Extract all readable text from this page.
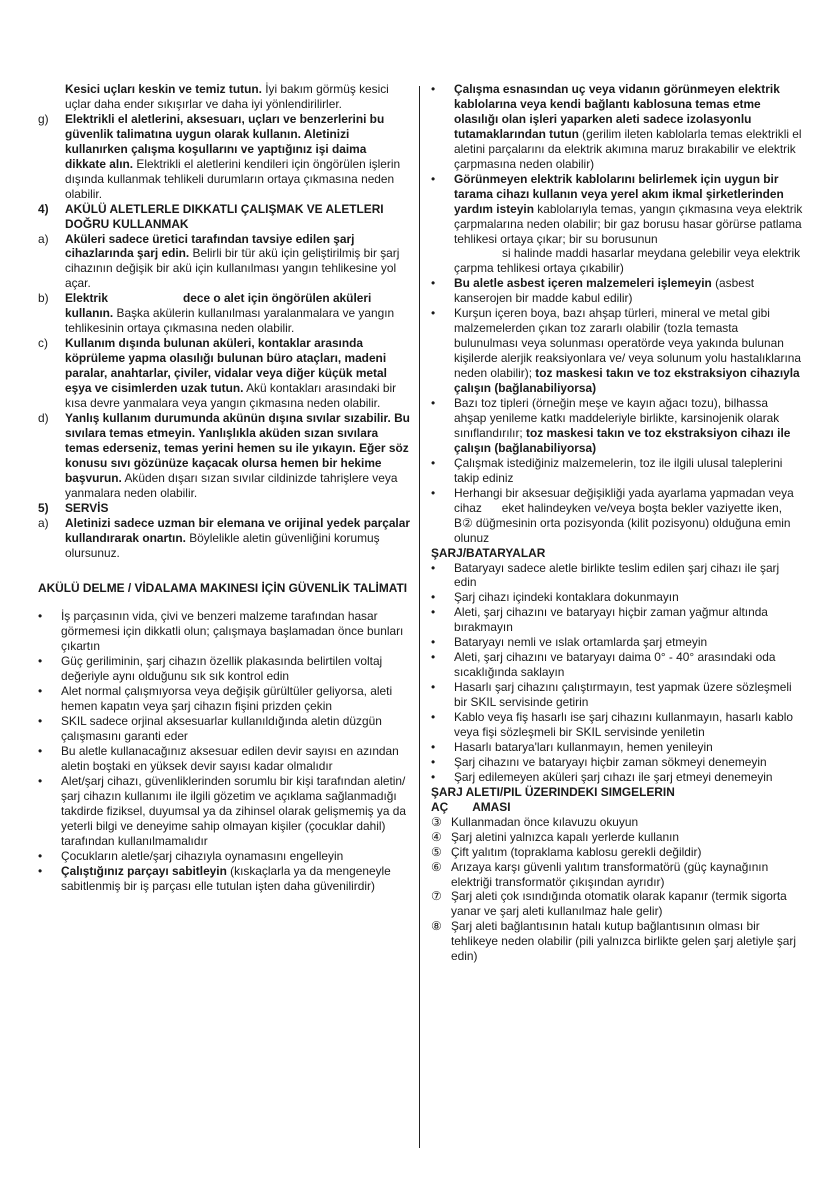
Kesici uçları keskin ve temiz tutun. İyi bakım görmüş kesici uçlar daha ender sıkışırlar ve daha iyi yönlendirilirler.

g)	Elektrikli el aletlerini, aksesuarı, uçları ve benzerlerini bu güvenlik talimatına uygun olarak kullanın. Aletinizi kullanırken çalışma koşullarını ve yaptığınız işi daima dikkate alın. Elektrikli el aletlerini kendileri için öngörülen işlerin dışında kullanmak tehlikeli durumların ortaya çıkmasına neden olabilir.
4)	AKÜLÜ ALETLERLE DIKKATLI ÇALIŞMAK VE ALETLERI DOĞRU KULLANMAK
a)	Aküleri sadece üretici tarafından tavsiye edilen şarj cihazlarında şarj edin. Belirli bir tür akü için geliştirilmiş bir şarj cihazının değişik bir akü için kullanılması yangın tehlikesine yol açar.
b)	Elektrik	dece o alet için öngörülen aküleri kullanın. Başka akülerin kullanılması yaralanmalara ve yangın tehlikesinin ortaya çıkmasına neden olabilir.
c)	Kullanım dışında bulunan aküleri, kontaklar arasında köprüleme yapma olasılığı bulunan büro ataçları, madeni paralar, anahtarlar, çiviler, vidalar veya diğer küçük metal eşya ve cisimlerden uzak tutun. Akü kontakları arasındaki bir kısa devre yanmalara veya yangın çıkmasına neden olabilir.
d)	Yanlış kullanım durumunda akünün dışına sıvılar sızabilir. Bu sıvılara temas etmeyin. Yanlışlıkla aküden sızan sıvılara temas ederseniz, temas yerini hemen su ile yıkayın. Eğer söz konusu sıvı gözünüze kaçacak olursa hemen bir hekime başvurun. Aküden dışarı sızan sıvılar cildinizde tahrişlere veya yanmalara neden olabilir.
5)	SERVİS
a)	Aletinizi sadece uzman bir elemana ve orijinal yedek parçalar kullandırarak onartın. Böylelikle aletin güvenliğini korumuş olursunuz.

AKÜLÜ DELME / VİDALAMA MAKINESI İÇİN GÜVENLİK TALİMATI

•	İş parçasının vida, çivi ve benzeri malzeme tarafından hasar görmemesi için dikkatli olun; çalışmaya başlamadan önce bunları çıkartın
•	Güç geriliminin, şarj cihazın özellik plakasında belirtilen voltaj değeriyle aynı olduğunu sık sık kontrol edin
•	Alet normal çalışmıyorsa veya değişik gürültüler geliyorsa, aleti hemen kapatın veya şarj cihazın fişini prizden çekin
•	SKIL sadece orjinal aksesuarlar kullanıldığında aletin düzgün çalışmasını garanti eder
•	Bu aletle kullanacağınız aksesuar edilen devir sayısı en azından aletin boştaki en yüksek devir sayısı kadar olmalıdır
•	Alet/şarj cihazı, güvenliklerinden sorumlu bir kişi tarafından aletin/şarj cihazın kullanımı ile ilgili gözetim ve açıklama sağlanmadığı takdirde fiziksel, duyumsal ya da zihinsel olarak gelişmemiş ya da yeterli bilgi ve deneyime sahip olmayan kişiler (çocuklar dahil) tarafından kullanılmamalıdır
•	Çocukların aletle/şarj cihazıyla oynamasını engelleyin
•	Çalıştığınız parçayı sabitleyin (kıskaçlarla ya da mengeneyle sabitlenmiş bir iş parçası elle tutulan işten daha güvenilirdir)
•	Çalışma esnasından uç veya vidanın görünmeyen elektrik kablolarına veya kendi bağlantı kablosuna temas etme olasılığı olan işleri yaparken aleti sadece izolasyonlu tutamaklarından tutun (gerilim ileten kablolarla temas elektrikli el aletini parçalarını da elektrik akımına maruz bırakabilir ve elektrik çarpmasına neden olabilir)
•	Görünmeyen elektrik kablolarını belirlemek için uygun bir tarama cihazı kullanın veya yerel akım ikmal şirketlerinden yardım isteyin kablolarıyla temas, yangın çıkmasına veya elektrik çarpmalarına neden olabilir; bir gaz borusu hasar görürse patlama tehlikesi ortaya çıkar; bir su borusunun
si halinde maddi hasarlar meydana gelebilir veya elektrik çarpma tehlikesi ortaya çıkabilir)
•	Bu aletle asbest içeren malzemeleri işlemeyin (asbest kanserojen bir madde kabul edilir)
•	Kurşun içeren boya, bazı ahşap türleri, mineral ve metal gibi malzemelerden çıkan toz zararlı olabilir (tozla temasta bulunulması veya solunması operatörde veya yakında bulunan kişilerde alerjik reaksiyonlara ve/ veya solunum yolu hastalıklarına neden olabilir); toz maskesi takın ve toz ekstraksiyon cihazıyla çalışın (bağlanabiliyorsa)
•	Bazı toz tipleri (örneğin meşe ve kayın ağacı tozu), bilhassa ahşap yenileme katkı maddeleriyle birlikte, karsinojenik olarak sınıflandırılır; toz maskesi takın ve toz ekstraksiyon cihazı ile çalışın (bağlanabiliyorsa)
•	Çalışmak istediğiniz malzemelerin, toz ile ilgili ulusal taleplerini takip ediniz
•	Herhangi bir aksesuar değişikliği yada ayarlama yapmadan veya cihaz eket halindeyken ve/veya boşta bekler vaziyette iken, B② düğmesinin orta pozisyonda (kilit pozisyonu) olduğuna emin olunuz

ŞARJ/BATARYALAR

•	Bataryayı sadece aletle birlikte teslim edilen şarj cihazı ile şarj edin
•	Şarj cihazı içindeki kontaklara dokunmayın
•	Aleti, şarj cihazını ve bataryayı hiçbir zaman yağmur altında bırakmayın
•	Bataryayı nemli ve ıslak ortamlarda şarj etmeyin
•	Aleti, şarj cihazını ve bataryayı daima 0° - 40° arasındaki oda sıcaklığında saklayın
•	Hasarlı şarj cihazını çalıştırmayın, test yapmak üzere sözleşmeli bir SKIL servisinde getirin
•	Kablo veya fiş hasarlı ise şarj cihazını kullanmayın, hasarlı kablo veya fişi sözleşmeli bir SKIL servisinde yeniletin
•	Hasarlı batarya'ları kullanmayın, hemen yenileyin
•	Şarj cihazını ve bataryayı hiçbir zaman sökmeyi denemeyin
•	Şarj edilemeyen aküleri şarj cıhazı ile şarj etmeyi denemeyin

ŞARJ ALETI/PIL ÜZERINDEKI SIMGELERIN
AÇ AMASI

③ Kullanmadan önce kılavuzu okuyun
④ Şarj aletini yalnızca kapalı yerlerde kullanın
⑤ Çift yalıtım (topraklama kablosu gerekli değildir)
⑥ Arızaya karşı güvenli yalıtım transformatörü (güç kaynağının elektriği transformatör çıkışından ayrıdır)
⑦ Şarj aleti çok ısındığında otomatik olarak kapanır (termik sigorta yanar ve şarj aleti kullanılmaz hale gelir)
⑧ Şarj aleti bağlantısının hatalı kutup bağlantısının olması bir tehlikeye neden olabilir (pili yalnızca birlikte gelen şarj aletiyle şarj edin)
